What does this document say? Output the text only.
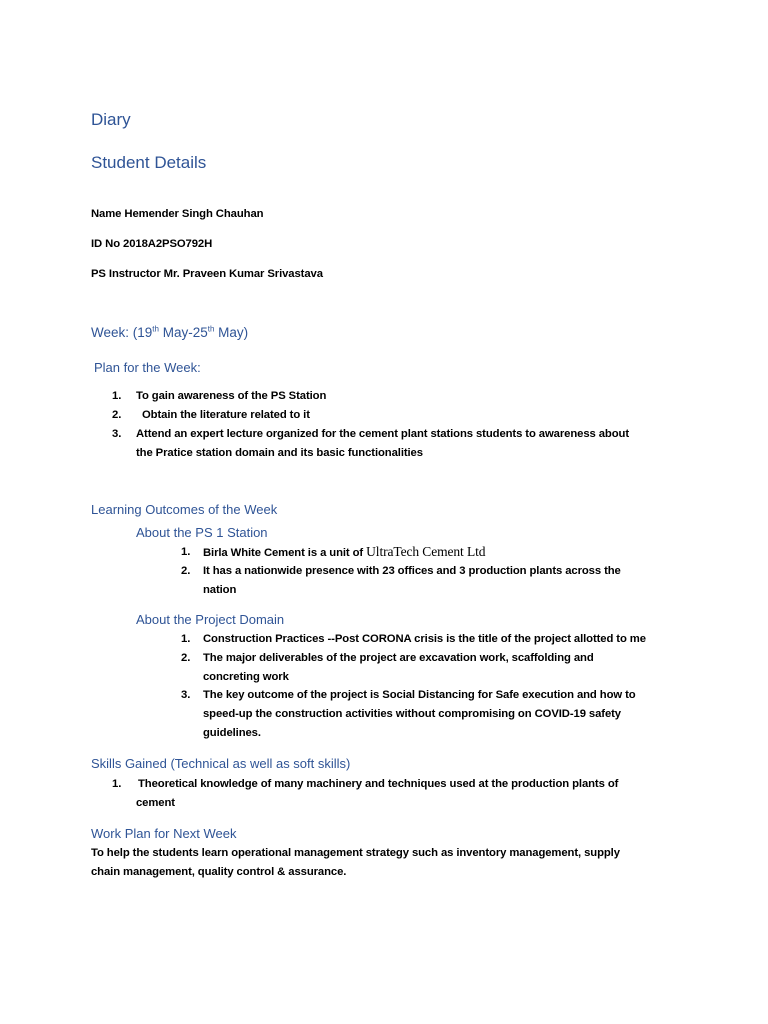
Diary
Student Details
Name Hemender Singh Chauhan
ID No 2018A2PSO792H
PS Instructor Mr. Praveen Kumar Srivastava
Week: (19th May-25th May)
Plan for the Week:
1. To gain awareness of the PS Station
2. Obtain the literature related to it
3. Attend an expert lecture organized for the cement plant stations students to awareness about
the Pratice station domain and its basic functionalities
Learning Outcomes of the Week
About the PS 1 Station
1. Birla White Cement is a unit of UltraTech Cement Ltd
2. It has a nationwide presence with 23 offices and 3 production plants across the
nation
About the Project Domain
1. Construction Practices --Post CORONA crisis is the title of the project allotted to me
2. The major deliverables of the project are excavation work, scaffolding and
concreting work
3. The key outcome of the project is Social Distancing for Safe execution and how to
speed-up the construction activities without compromising on COVID-19 safety
guidelines.
Skills Gained (Technical as well as soft skills)
1. Theoretical knowledge of many machinery and techniques used at the production plants of
cement
Work Plan for Next Week
To help the students learn operational management strategy such as inventory management, supply
chain management, quality control & assurance.
